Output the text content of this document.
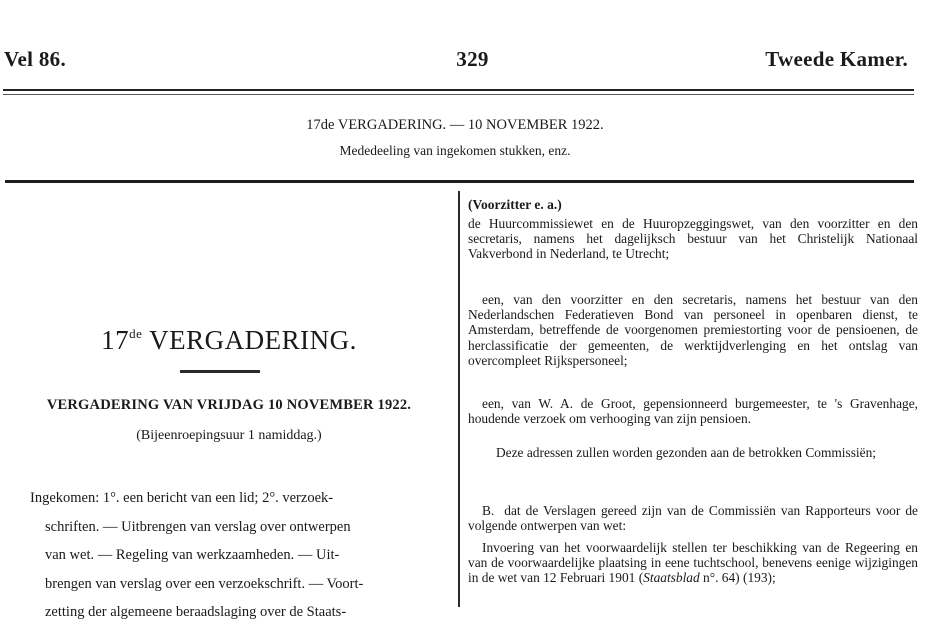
Vel 86.	329	Tweede Kamer.
17de VERGADERING. — 10 NOVEMBER 1922.
Mededeeling van ingekomen stukken, enz.
17de VERGADERING.
VERGADERING VAN VRIJDAG 10 NOVEMBER 1922.
(Bijeenroepingsuur 1 namiddag.)
Ingekomen: 1°. een bericht van een lid; 2°. verzoek-
schriften. — Uitbrengen van verslag over ontwerpen
van wet. — Regeling van werkzaamheden. — Uit-
brengen van verslag over een verzoekschrift. — Voort-
zetting der algemeene beraadslaging over de Staats-
(Voorzitter e. a.)
de Huurcommissiewet en de Huuropzeggingswet, van den voorzitter en den secretaris, namens het dagelijksch bestuur van het Christelijk Nationaal Vakverbond in Nederland, te Utrecht;
een, van den voorzitter en den secretaris, namens het bestuur van den Nederlandschen Federatieven Bond van personeel in openbaren dienst, te Amsterdam, betreffende de voorgenomen premiestorting voor de pensioenen, de herclassificatie der gemeenten, de werktijdverlenging en het ontslag van overcompleet Rijkspersoneel;
een, van W. A. de Groot, gepensionneerd burgemeester, te 's Gravenhage, houdende verzoek om verhooging van zijn pensioen.
Deze adressen zullen worden gezonden aan de betrokken Commissiën;
B. dat de Verslagen gereed zijn van de Commissiën van Rapporteurs voor de volgende ontwerpen van wet:
Invoering van het voorwaardelijk stellen ter beschikking van de Regeering en van de voorwaardelijke plaatsing in eene tuchtschool, benevens eenige wijzigingen in de wet van 12 Februari 1901 (Staatsblad n°. 64) (193);
